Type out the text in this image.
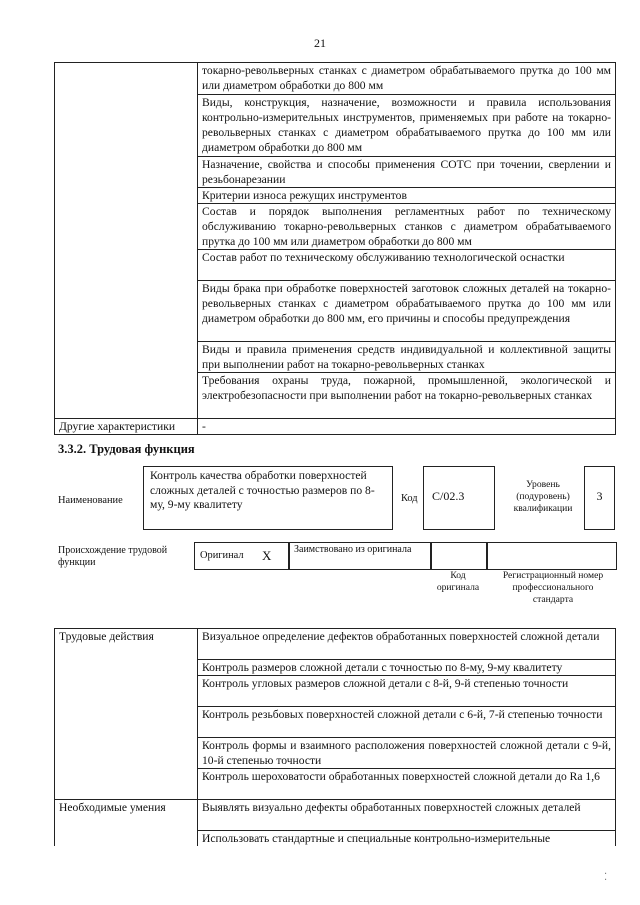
21
	токарно-револьверных станках с диаметром обрабатываемого прутка до 100 мм или диаметром обработки до 800 мм
	Виды, конструкция, назначение, возможности и правила использования контрольно-измерительных инструментов, применяемых при работе на токарно-револьверных станках с диаметром обрабатываемого прутка до 100 мм или диаметром обработки до 800 мм
	Назначение, свойства и способы применения СОТС при точении, сверлении и резьбонарезании
	Критерии износа режущих инструментов
	Состав и порядок выполнения регламентных работ по техническому обслуживанию токарно-револьверных станков с диаметром обрабатываемого прутка до 100 мм или диаметром обработки до 800 мм
	Состав работ по техническому обслуживанию технологической оснастки
	Виды брака при обработке поверхностей заготовок сложных деталей на токарно-револьверных станках с диаметром обрабатываемого прутка до 100 мм или диаметром обработки до 800 мм, его причины и способы предупреждения
	Виды и правила применения средств индивидуальной и коллективной защиты при выполнении работ на токарно-револьверных станках
	Требования охраны труда, пожарной, промышленной, экологической и электробезопасности при выполнении работ на токарно-револьверных станках
Другие характеристики	-
3.3.2. Трудовая функция
Наименование
Контроль качества обработки поверхностей сложных деталей с точностью размеров по 8-му, 9-му квалитету	Код	C/02.3
Уровень (подуровень) квалификации
3
Происхождение трудовой функции
Оригинал X Заимствовано из оригинала
Код оригинала
Регистрационный номер профессионального стандарта
Трудовые действия	Визуальное определение дефектов обработанных поверхностей сложной детали
	Контроль размеров сложной детали с точностью по 8-му, 9-му квалитету
	Контроль угловых размеров сложной детали с 8-й, 9-й степенью точности
	Контроль резьбовых поверхностей сложной детали с 6-й, 7-й степенью точности
	Контроль формы и взаимного расположения поверхностей сложной детали с 9-й, 10-й степенью точности
	Контроль шероховатости обработанных поверхностей сложной детали до Ra 1,6
Необходимые умения	Выявлять визуально дефекты обработанных поверхностей сложных деталей
	Использовать стандартные и специальные контрольно-измерительные
⁚
